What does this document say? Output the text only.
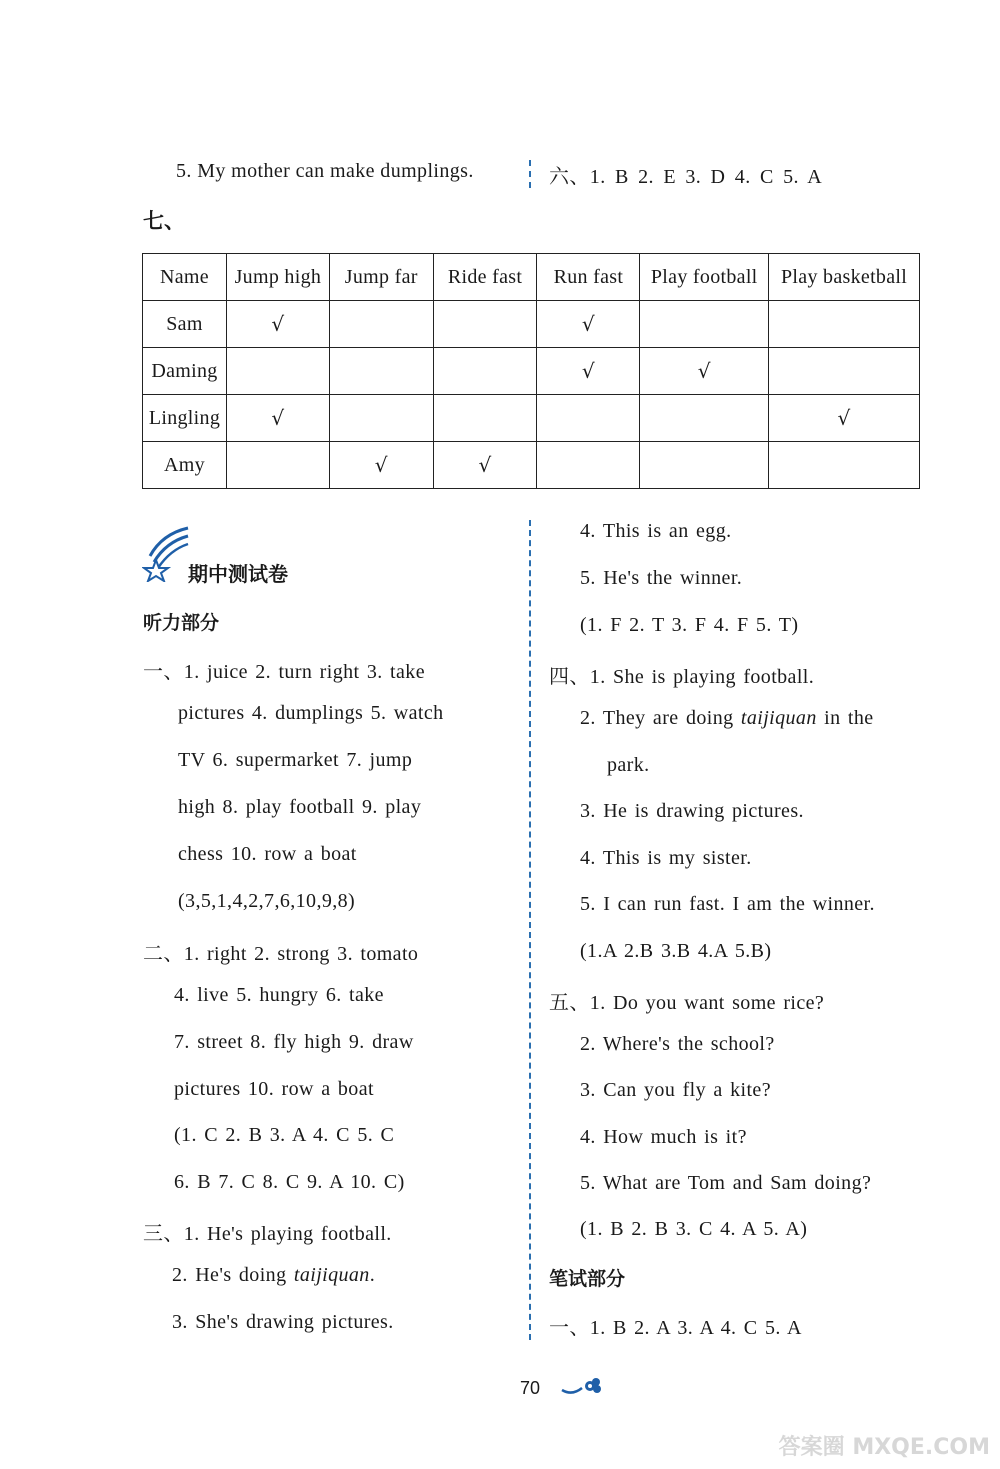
5. My mother can make dumplings.	六、1. B 2. E 3. D 4. C 5. A
七、
Name	Jump high	Jump far	Ride fast	Run fast	Play football	Play basketball
Sam	√			√		
Daming				√	√	
Lingling	√					√
Amy		√	√			
期中测试卷
听力部分
一、1. juice 2. turn right 3. take
pictures 4. dumplings 5. watch
TV 6. supermarket 7. jump
high 8. play football 9. play
chess 10. row a boat
(3,5,1,4,2,7,6,10,9,8)
二、1. right 2. strong 3. tomato
4. live 5. hungry 6. take
7. street 8. fly high 9. draw
pictures 10. row a boat
(1. C 2. B 3. A 4. C 5. C
6. B 7. C 8. C 9. A 10. C)
三、1. He's playing football.
2. He's doing taijiquan.
3. She's drawing pictures.
4. This is an egg.
5. He's the winner.
(1. F 2. T 3. F 4. F 5. T)
四、1. She is playing football.
2. They are doing taijiquan in the
park.
3. He is drawing pictures.
4. This is my sister.
5. I can run fast. I am the winner.
(1.A 2.B 3.B 4.A 5.B)
五、1. Do you want some rice?
2. Where's the school?
3. Can you fly a kite?
4. How much is it?
5. What are Tom and Sam doing?
(1. B 2. B 3. C 4. A 5. A)
一、1. B 2. A 3. A 4. C 5. A
笔试部分
70
答案圈 MXQE.COM
